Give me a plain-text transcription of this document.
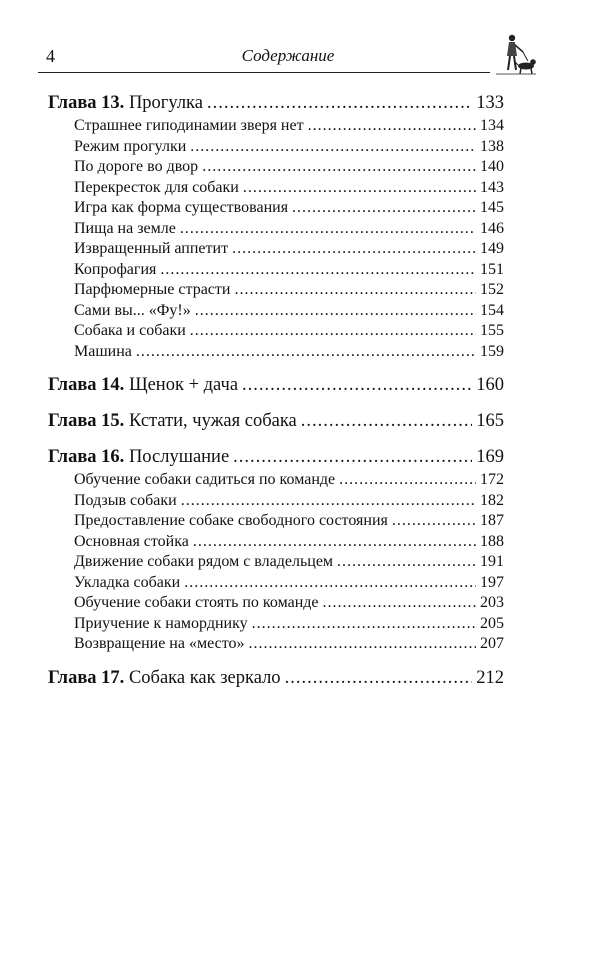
4	Содержание
Глава 13. Прогулка .....	133
Страшнее гиподинамии зверя нет .....	134
Режим прогулки .....	138
По дороге во двор .....	140
Перекресток для собаки .....	143
Игра как форма существования .....	145
Пища на земле .....	146
Извращенный аппетит .....	149
Копрофагия .....	151
Парфюмерные страсти .....	152
Сами вы... «Фу!» .....	154
Собака и собаки .....	155
Машина .....	159
Глава 14. Щенок + дача .....	160
Глава 15. Кстати, чужая собака .....	165
Глава 16. Послушание .....	169
Обучение собаки садиться по команде .....	172
Подзыв собаки .....	182
Предоставление собаке свободного состояния .....	187
Основная стойка .....	188
Движение собаки рядом с владельцем .....	191
Укладка собаки .....	197
Обучение собаки стоять по команде .....	203
Приучение к наморднику .....	205
Возвращение на «место» .....	207
Глава 17. Собака как зеркало .....	212
